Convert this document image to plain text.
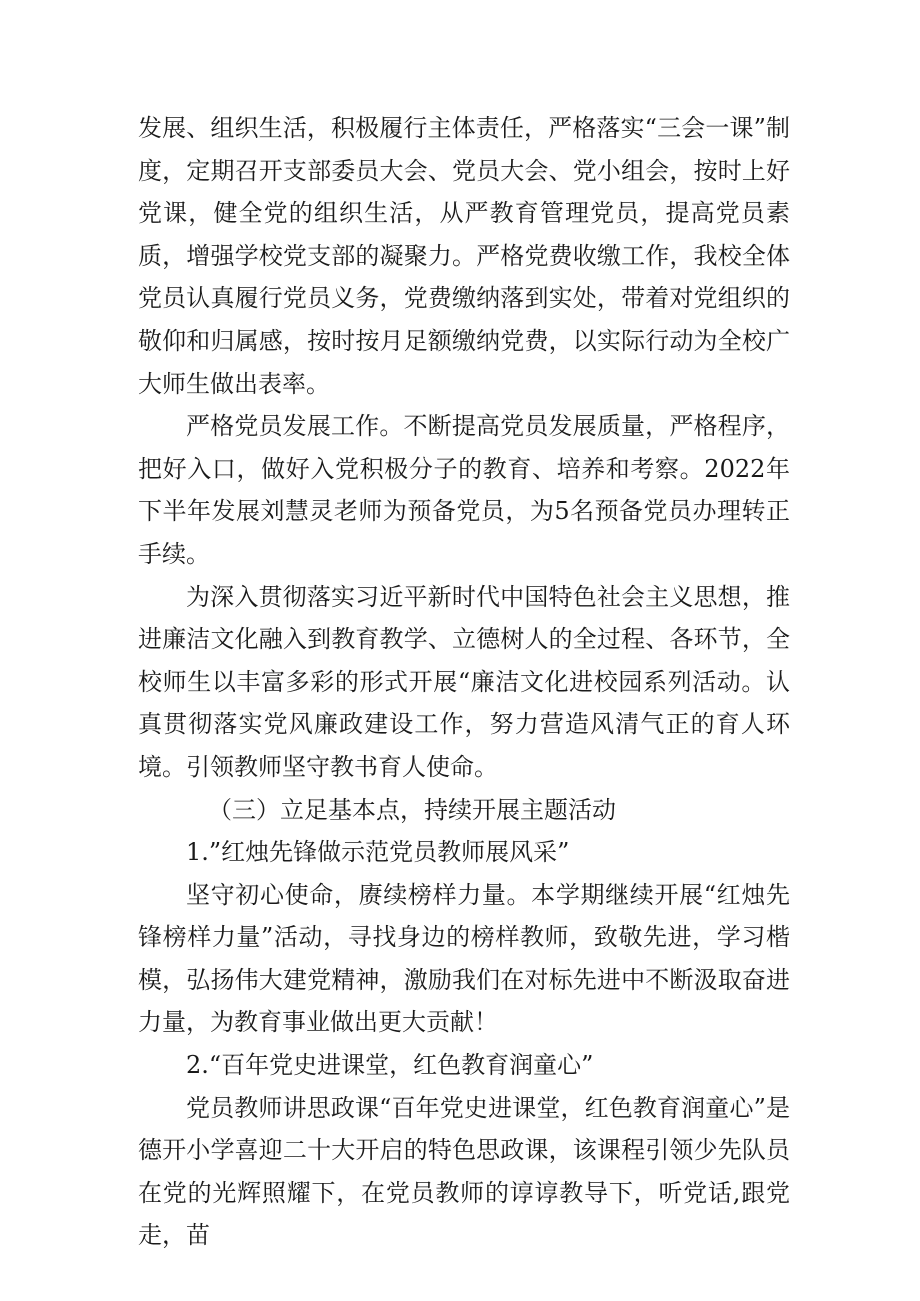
发展、组织生活，积极履行主体责任，严格落实“三会一课”制度，定期召开支部委员大会、党员大会、党小组会，按时上好党课，健全党的组织生活，从严教育管理党员，提高党员素质，增强学校党支部的凝聚力。严格党费收缴工作，我校全体党员认真履行党员义务，党费缴纳落到实处，带着对党组织的敬仰和归属感，按时按月足额缴纳党费，以实际行动为全校广大师生做出表率。

严格党员发展工作。不断提高党员发展质量，严格程序，把好入口，做好入党积极分子的教育、培养和考察。2022年下半年发展刘慧灵老师为预备党员，为5名预备党员办理转正手续。

为深入贯彻落实习近平新时代中国特色社会主义思想，推进廉洁文化融入到教育教学、立德树人的全过程、各环节，全校师生以丰富多彩的形式开展“廉洁文化进校园系列活动。认真贯彻落实党风廉政建设工作，努力营造风清气正的育人环境。引领教师坚守教书育人使命。

（三）立足基本点，持续开展主题活动

1.”红烛先锋做示范党员教师展风采”

坚守初心使命，赓续榜样力量。本学期继续开展“红烛先锋榜样力量”活动，寻找身边的榜样教师，致敬先进，学习楷模，弘扬伟大建党精神，激励我们在对标先进中不断汲取奋进力量，为教育事业做出更大贡献！

2.“百年党史进课堂，红色教育润童心”

党员教师讲思政课“百年党史进课堂，红色教育润童心”是德开小学喜迎二十大开启的特色思政课，该课程引领少先队员在党的光辉照耀下，在党员教师的谆谆教导下，听党话,跟党走，苗
